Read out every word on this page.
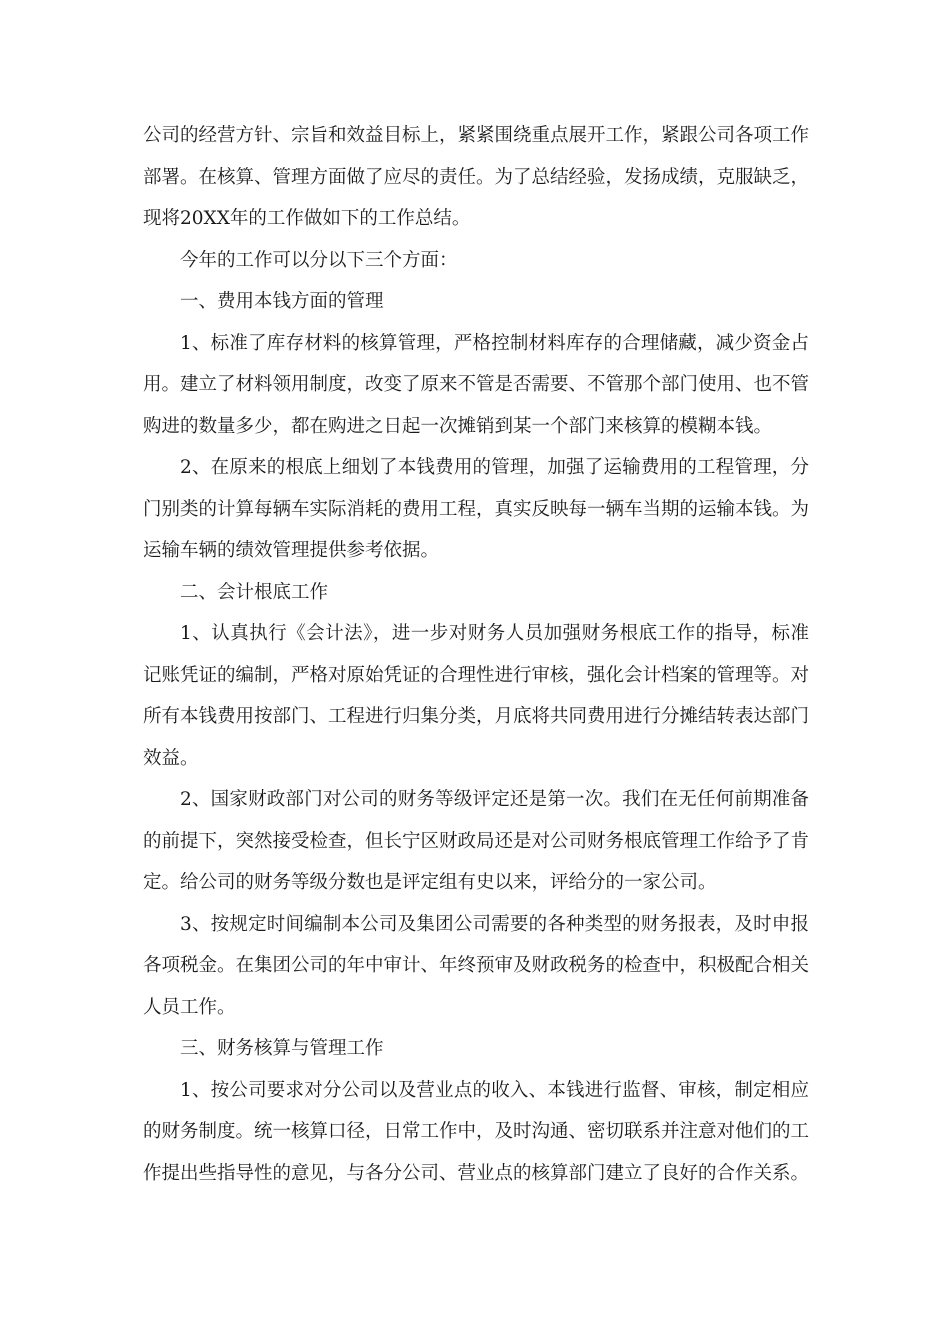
公司的经营方针、宗旨和效益目标上，紧紧围绕重点展开工作，紧跟公司各项工作部署。在核算、管理方面做了应尽的责任。为了总结经验，发扬成绩，克服缺乏，现将20XX年的工作做如下的工作总结。

今年的工作可以分以下三个方面：

一、费用本钱方面的管理

1、标准了库存材料的核算管理，严格控制材料库存的合理储藏，减少资金占用。建立了材料领用制度，改变了原来不管是否需要、不管那个部门使用、也不管购进的数量多少，都在购进之日起一次摊销到某一个部门来核算的模糊本钱。

2、在原来的根底上细划了本钱费用的管理，加强了运输费用的工程管理，分门别类的计算每辆车实际消耗的费用工程，真实反映每一辆车当期的运输本钱。为运输车辆的绩效管理提供参考依据。

二、会计根底工作

1、认真执行《会计法》，进一步对财务人员加强财务根底工作的指导，标准记账凭证的编制，严格对原始凭证的合理性进行审核，强化会计档案的管理等。对所有本钱费用按部门、工程进行归集分类，月底将共同费用进行分摊结转表达部门效益。

2、国家财政部门对公司的财务等级评定还是第一次。我们在无任何前期准备的前提下，突然接受检查，但长宁区财政局还是对公司财务根底管理工作给予了肯定。给公司的财务等级分数也是评定组有史以来，评给分的一家公司。

3、按规定时间编制本公司及集团公司需要的各种类型的财务报表，及时申报各项税金。在集团公司的年中审计、年终预审及财政税务的检查中，积极配合相关人员工作。

三、财务核算与管理工作

1、按公司要求对分公司以及营业点的收入、本钱进行监督、审核，制定相应的财务制度。统一核算口径，日常工作中，及时沟通、密切联系并注意对他们的工作提出些指导性的意见，与各分公司、营业点的核算部门建立了良好的合作关系。
